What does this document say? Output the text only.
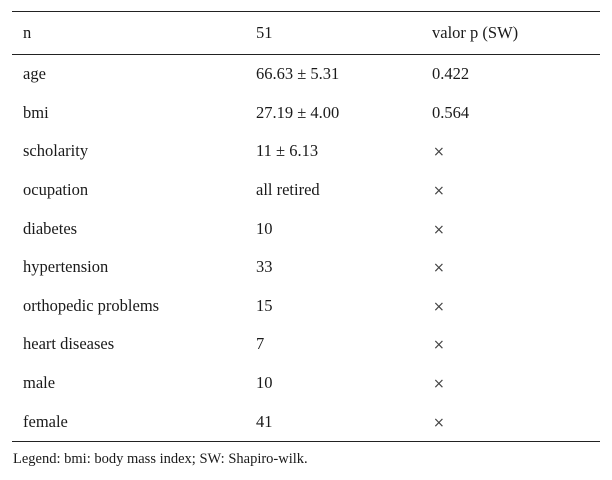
n	51	valor p (SW)
age	66.63 ± 5.31	0.422
bmi	27.19 ± 4.00	0.564
scholarity	11 ± 6.13	×
ocupation	all retired	×
diabetes	10	×
hypertension	33	×
orthopedic problems	15	×
heart diseases	7	×
male	10	×
female	41	×
Legend: bmi: body mass index; SW: Shapiro-wilk.
